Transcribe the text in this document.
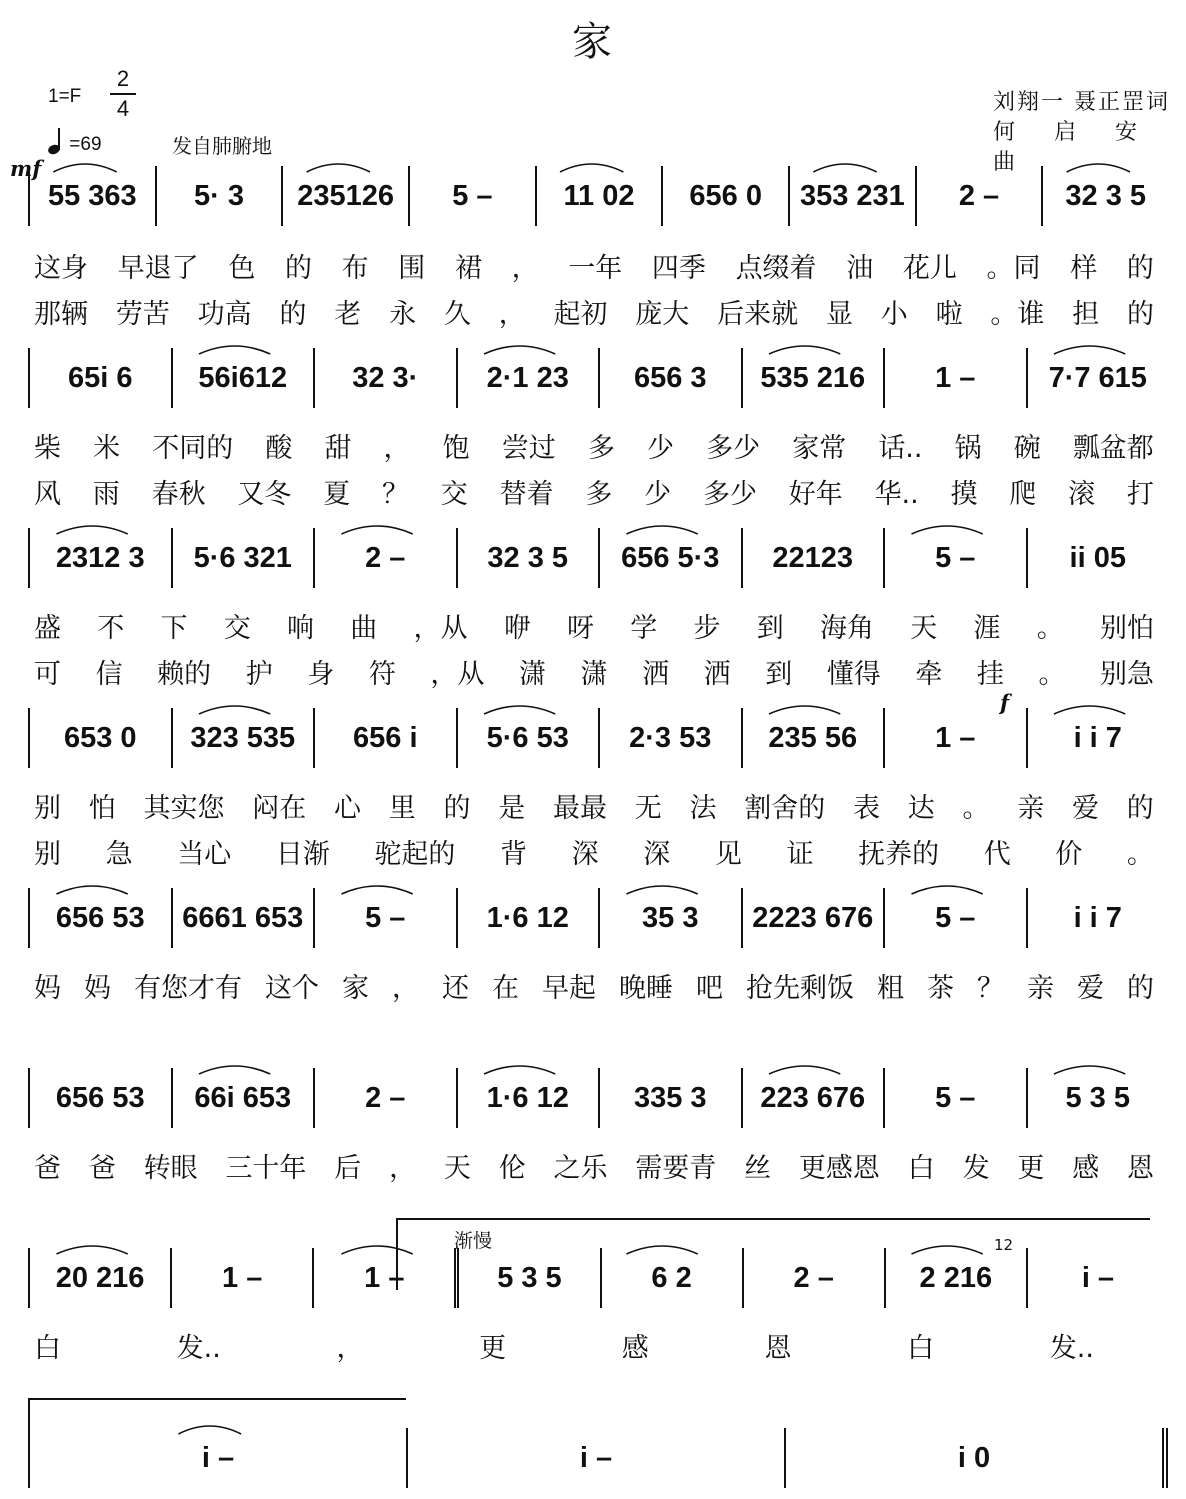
家
1=F
2
4
=69	发自肺腑地
mf
f
刘翔一 聂正罡词
何 启 安曲
55 363	5· 3	235126	5 –	11 02	656 0	353 231	2 –	32 3 5
65i 6	56i612	32 3·	2·1 23	656 3	535 216	1 –	7·7 615
2312 3	5·6 321	2 –	32 3 5	656 5·3	22123	5 –	ii 05
653 0	323 535	656 i	5·6 53	2·3 53	235 56	1 –	i i 7
656 53	6661 653	5 –	1·6 12	35 3	2223 676	5 –	i i 7
656 53	66i 653	2 –	1·6 12	335 3	223 676	5 –	5 3 5
20 216	1 –	1 –	5 3 5	6 2	2 –	2 216	i –
i –	i –	i 0
这身 早退了 色 的 布 围 裙 ， 一年 四季 点缀着 油 花儿 。同 样 的
那辆 劳苦 功高 的 老 永 久 ， 起初 庞大 后来就 显 小 啦 。谁 担 的
柴 米 不同的 酸 甜 ， 饱 尝过 多 少 多少 家常 话.. 锅 碗 瓢盆都
风 雨 春秋 又冬 夏 ？ 交 替着 多 少 多少 好年 华.. 摸 爬 滚 打
盛 不 下 交 响 曲 ，从 咿 呀 学 步 到 海角 天 涯 。 别怕
可 信 赖的 护 身 符 ，从 潇 潇 洒 洒 到 懂得 牵 挂 。 别急
别 怕 其实您 闷在 心 里 的 是 最最 无 法 割舍的 表 达 。 亲 爱 的
别 急 当心 日渐 驼起的 背 深 深 见 证 抚养的 代 价 。
妈 妈 有您才有 这个 家 ， 还 在 早起 晚睡 吧 抢先剩饭 粗 茶 ？ 亲 爱 的
爸 爸 转眼 三十年 后 ， 天 伦 之乐 需要青 丝 更感恩 白 发 更 感 恩
白	发..	，	更	感	恩	白	发..
渐慢	12
